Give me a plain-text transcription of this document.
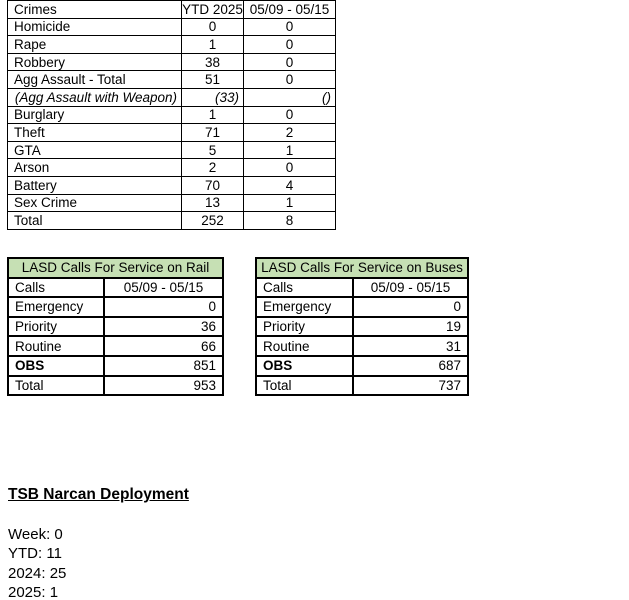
Crimes	YTD 2025	05/09 - 05/15
Homicide	0	0
Rape	1	0
Robbery	38	0
Agg Assault - Total	51	0
(Agg Assault with Weapon)	(33)	()
Burglary	1	0
Theft	71	2
GTA	5	1
Arson	2	0
Battery	70	4
Sex Crime	13	1
Total	252	8
LASD Calls For Service on Rail	
Calls	05/09 - 05/15
Emergency	0
Priority	36
Routine	66
OBS	851
Total	953
LASD Calls For Service on Buses	
Calls	05/09 - 05/15
Emergency	0
Priority	19
Routine	31
OBS	687
Total	737
TSB Narcan Deployment
Week: 0
YTD: 11
2024: 25
2025: 1
